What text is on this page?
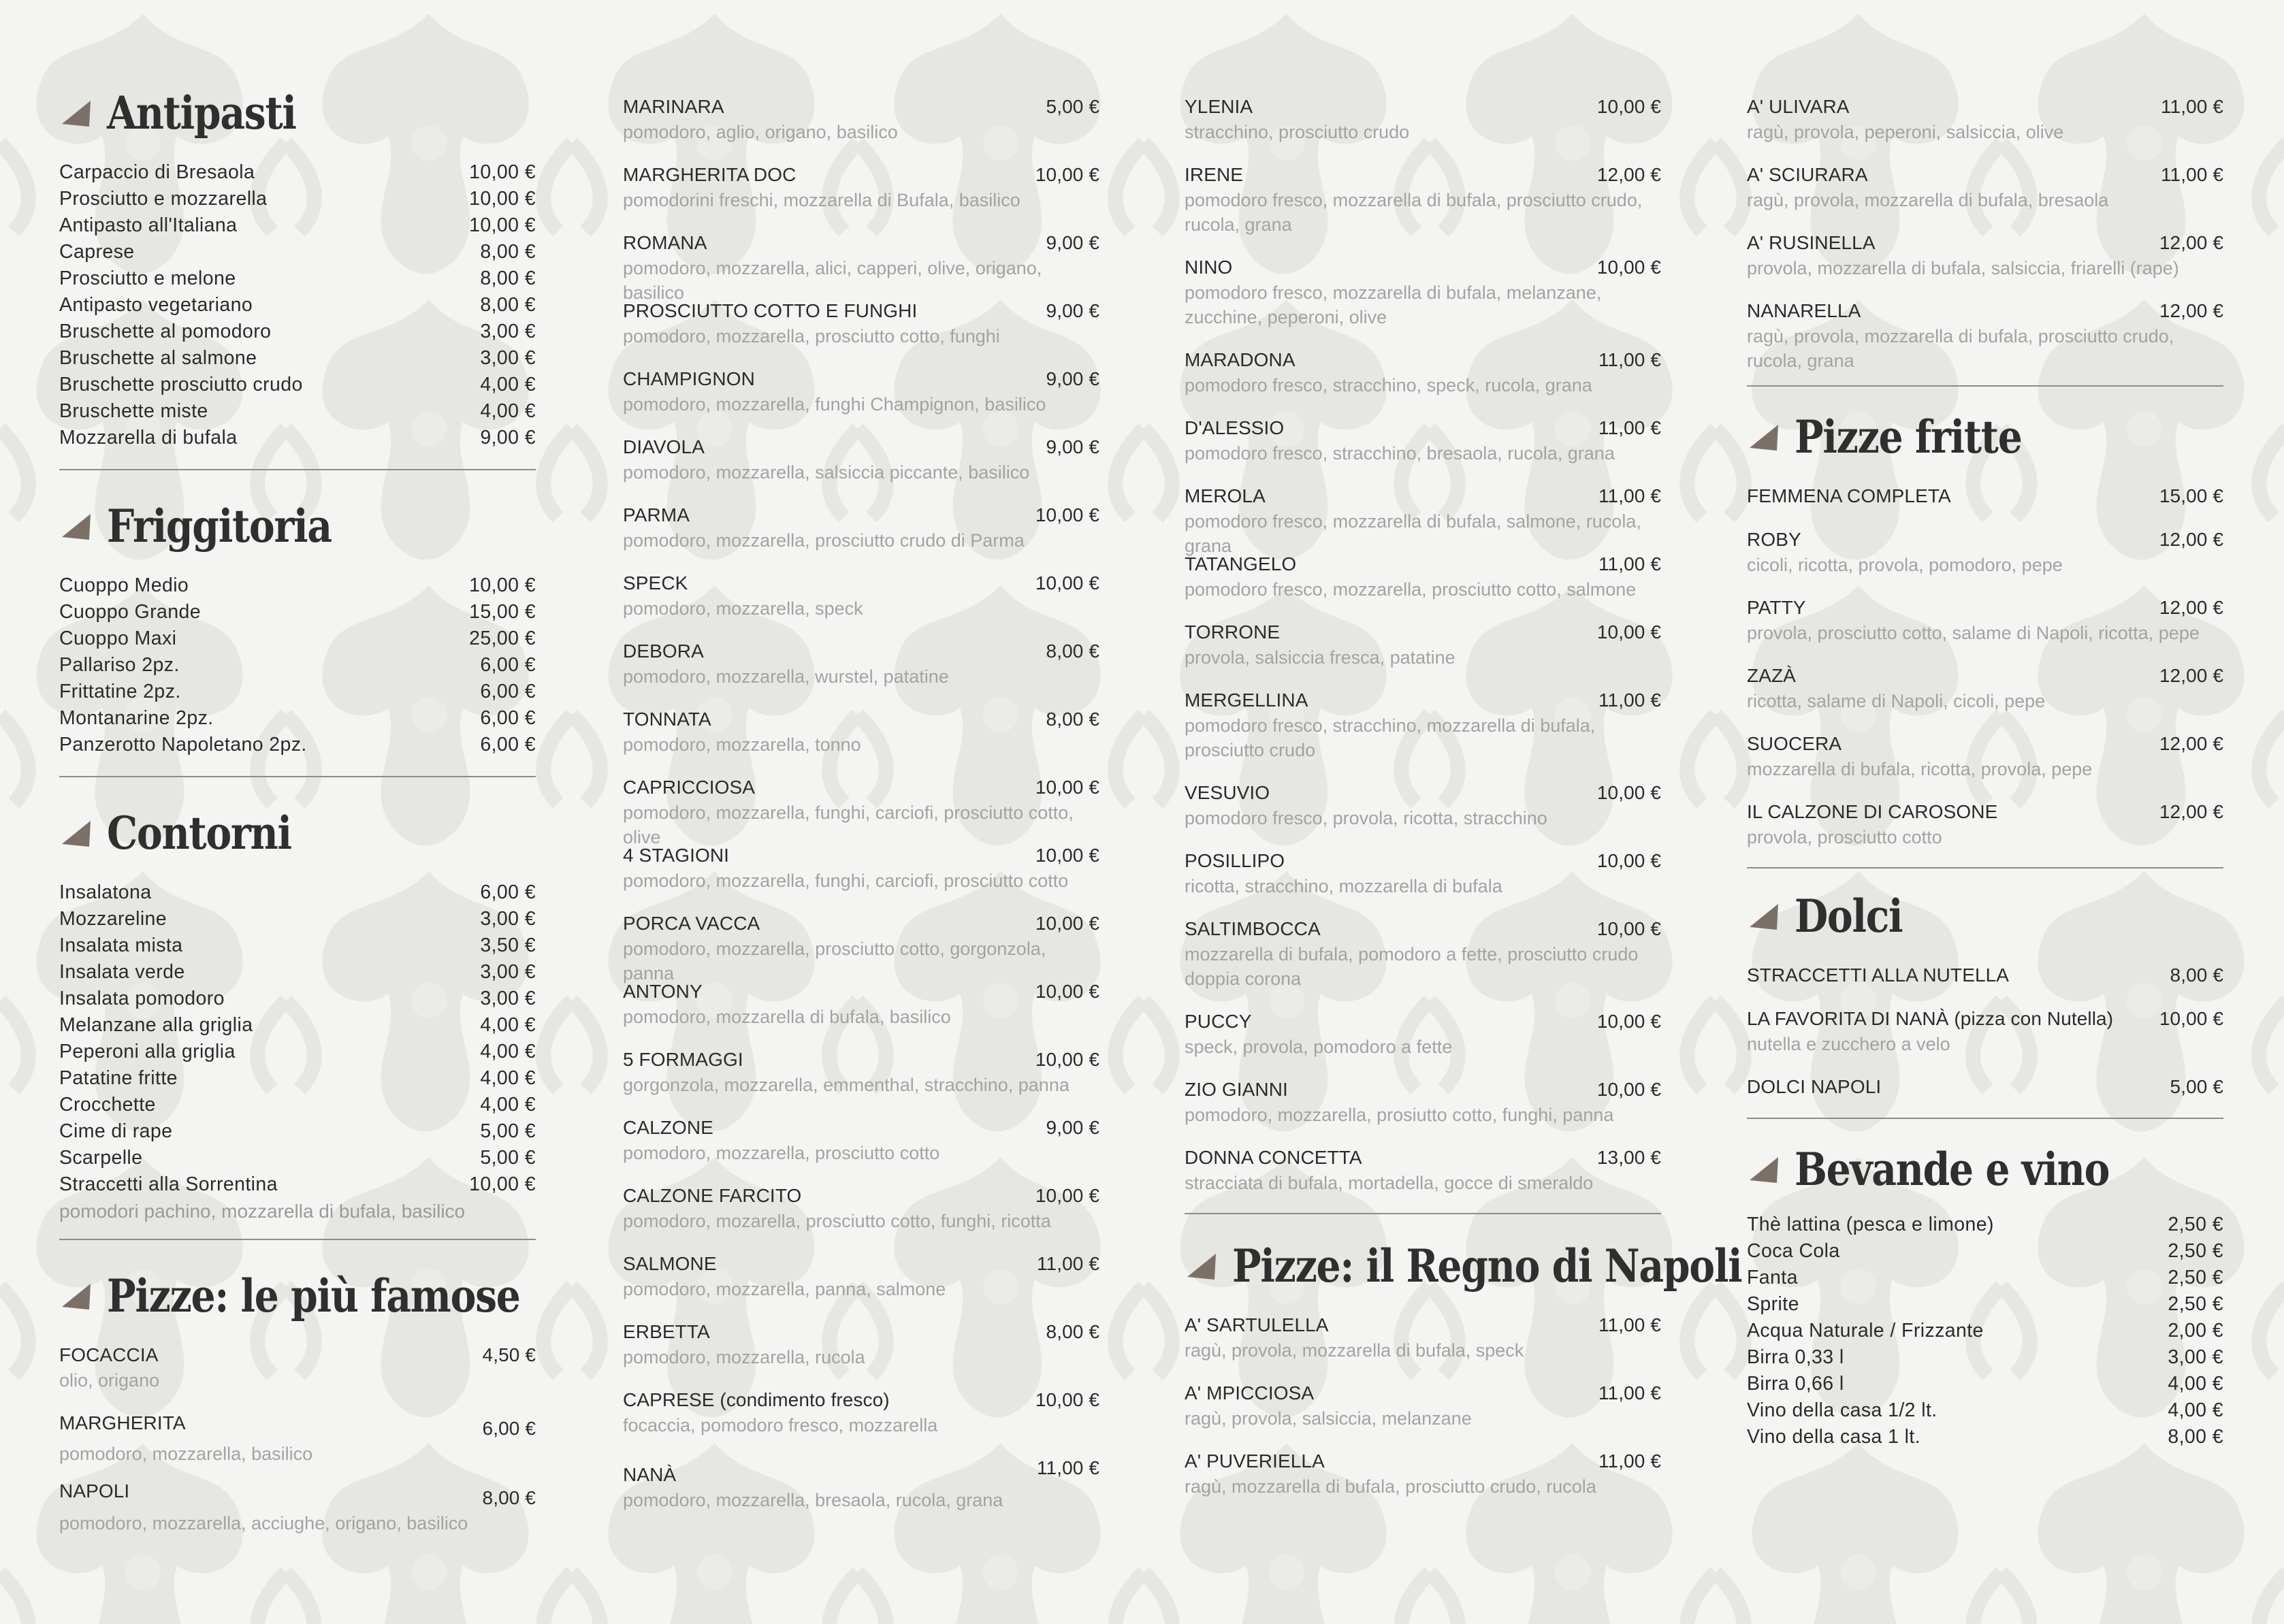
Antipasti
Carpaccio di Bresaola	10,00 €
Prosciutto e mozzarella	10,00 €
Antipasto all'Italiana	10,00 €
Caprese	8,00 €
Prosciutto e melone	8,00 €
Antipasto vegetariano	8,00 €
Bruschette al pomodoro	3,00 €
Bruschette al salmone	3,00 €
Bruschette prosciutto crudo	4,00 €
Bruschette miste	4,00 €
Mozzarella di bufala	9,00 €
Friggitoria
Cuoppo Medio	10,00 €
Cuoppo Grande	15,00 €
Cuoppo Maxi	25,00 €
Pallariso 2pz.	6,00 €
Frittatine 2pz.	6,00 €
Montanarine 2pz.	6,00 €
Panzerotto Napoletano 2pz.	6,00 €
Contorni
Insalatona	6,00 €
Mozzareline	3,00 €
Insalata mista	3,50 €
Insalata verde	3,00 €
Insalata pomodoro	3,00 €
Melanzane alla griglia	4,00 €
Peperoni alla griglia	4,00 €
Patatine fritte	4,00 €
Crocchette	4,00 €
Cime di rape	5,00 €
Scarpelle	5,00 €
Straccetti alla Sorrentina	10,00 €
pomodori pachino, mozzarella di bufala, basilico
Pizze: le più famose
FOCACCIA	4,50 €
olio, origano
MARGHERITA	6,00 €
pomodoro, mozzarella, basilico
NAPOLI	8,00 €
pomodoro, mozzarella, acciughe, origano, basilico
MARINARA	5,00 €
pomodoro, aglio, origano, basilico
MARGHERITA DOC	10,00 €
pomodorini freschi, mozzarella di Bufala, basilico
ROMANA	9,00 €
pomodoro, mozzarella, alici, capperi, olive, origano, basilico
PROSCIUTTO COTTO E FUNGHI	9,00 €
pomodoro, mozzarella, prosciutto cotto, funghi
CHAMPIGNON	9,00 €
pomodoro, mozzarella, funghi Champignon, basilico
DIAVOLA	9,00 €
pomodoro, mozzarella, salsiccia piccante, basilico
PARMA	10,00 €
pomodoro, mozzarella, prosciutto crudo di Parma
SPECK	10,00 €
pomodoro, mozzarella, speck
DEBORA	8,00 €
pomodoro, mozzarella, wurstel, patatine
TONNATA	8,00 €
pomodoro, mozzarella, tonno
CAPRICCIOSA	10,00 €
pomodoro, mozzarella, funghi, carciofi, prosciutto cotto, olive
4 STAGIONI	10,00 €
pomodoro, mozzarella, funghi, carciofi, prosciutto cotto
PORCA VACCA	10,00 €
pomodoro, mozzarella, prosciutto cotto, gorgonzola, panna
ANTONY	10,00 €
pomodoro, mozzarella di bufala, basilico
5 FORMAGGI	10,00 €
gorgonzola, mozzarella, emmenthal, stracchino, panna
CALZONE	9,00 €
pomodoro, mozzarella, prosciutto cotto
CALZONE FARCITO	10,00 €
pomodoro, mozarella, prosciutto cotto, funghi, ricotta
SALMONE	11,00 €
pomodoro, mozzarella, panna, salmone
ERBETTA	8,00 €
pomodoro, mozzarella, rucola
CAPRESE (condimento fresco)	10,00 €
focaccia, pomodoro fresco, mozzarella
NANÀ	11,00 €
pomodoro, mozzarella, bresaola, rucola, grana
YLENIA	10,00 €
stracchino, prosciutto crudo
IRENE	12,00 €
pomodoro fresco, mozzarella di bufala, prosciutto crudo, rucola, grana
NINO	10,00 €
pomodoro fresco, mozzarella di bufala, melanzane, zucchine, peperoni, olive
MARADONA	11,00 €
pomodoro fresco, stracchino, speck, rucola, grana
D'ALESSIO	11,00 €
pomodoro fresco, stracchino, bresaola, rucola, grana
MEROLA	11,00 €
pomodoro fresco, mozzarella di bufala, salmone, rucola, grana
TATANGELO	11,00 €
pomodoro fresco, mozzarella, prosciutto cotto, salmone
TORRONE	10,00 €
provola, salsiccia fresca, patatine
MERGELLINA	11,00 €
pomodoro fresco, stracchino, mozzarella di bufala, prosciutto crudo
VESUVIO	10,00 €
pomodoro fresco, provola, ricotta, stracchino
POSILLIPO	10,00 €
ricotta, stracchino, mozzarella di bufala
SALTIMBOCCA	10,00 €
mozzarella di bufala, pomodoro a fette, prosciutto crudo doppia corona
PUCCY	10,00 €
speck, provola, pomodoro a fette
ZIO GIANNI	10,00 €
pomodoro, mozzarella, prosiutto cotto, funghi, panna
DONNA CONCETTA	13,00 €
stracciata di bufala, mortadella, gocce di smeraldo
Pizze: il Regno di Napoli
A' SARTULELLA	11,00 €
ragù, provola, mozzarella di bufala, speck
A' MPICCIOSA	11,00 €
ragù, provola, salsiccia, melanzane
A' PUVERIELLA	11,00 €
ragù, mozzarella di bufala, prosciutto crudo, rucola
A' ULIVARA	11,00 €
ragù, provola, peperoni, salsiccia, olive
A' SCIURARA	11,00 €
ragù, provola, mozzarella di bufala, bresaola
A' RUSINELLA	12,00 €
provola, mozzarella di bufala, salsiccia, friarelli (rape)
NANARELLA	12,00 €
ragù, provola, mozzarella di bufala, prosciutto crudo, rucola, grana
Pizze fritte
FEMMENA COMPLETA	15,00 €
ROBY	12,00 €
cicoli, ricotta, provola, pomodoro, pepe
PATTY	12,00 €
provola, prosciutto cotto, salame di Napoli, ricotta, pepe
ZAZÀ	12,00 €
ricotta, salame di Napoli, cicoli, pepe
SUOCERA	12,00 €
mozzarella di bufala, ricotta, provola, pepe
IL CALZONE DI CAROSONE	12,00 €
provola, prosciutto cotto
Dolci
STRACCETTI ALLA NUTELLA	8,00 €
LA FAVORITA DI NANÀ (pizza con Nutella) 10,00 €
nutella e zucchero a velo
DOLCI NAPOLI	5,00 €
Bevande e vino
Thè lattina (pesca e limone)	2,50 €
Coca Cola	2,50 €
Fanta	2,50 €
Sprite	2,50 €
Acqua Naturale / Frizzante	2,00 €
Birra 0,33 l	3,00 €
Birra 0,66 l	4,00 €
Vino della casa 1/2 lt.	4,00 €
Vino della casa 1 lt.	8,00 €
